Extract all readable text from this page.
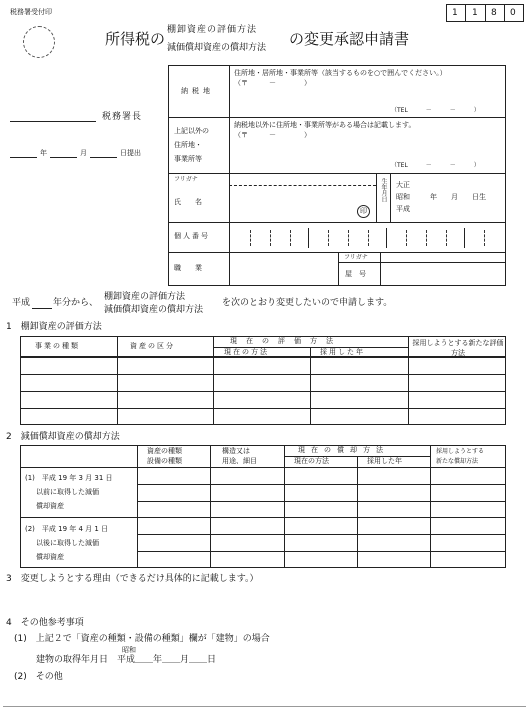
税務署受付印	1 1 8 0
所得税の 棚卸資産の評価方法
減価償却資産の償却方法 の変更承認申請書
税務署長
年	月	日提出
納税地
住所地・居所地・事業所等（該当するものを○で囲んでください。）
（〒　　　－　　　　）
（TEL　　　－　　　－　　　）
上記以外の
住所地・
事業所等
納税地以外に住所地・事業所等がある場合は記載します。
（〒　　　－　　　　）
（TEL　　　－　　　－　　　）
フリガナ
氏　　名
印
生年月日 大正
昭和
平成
年　　月　　日生
個人番号
職　　業
フリガナ
屋　号
平成	年分から、
棚卸資産の評価方法
減価償却資産の償却方法
を次のとおり変更したいので申請します。
1　棚卸資産の評価方法
事業の種類	資産の区分
現在の評価方法
現在の方法	採用した年
採用しようとする新たな評価方法
2　減価償却資産の償却方法
資産の種類
設備の種類
構造又は
用途、細目
現在の償却方法
現在の方法	採用した年
採用しようとする
新たな償却方法
(1)　平成 19 年 3 月 31 日
以前に取得した減価
償却資産
(2)　平成 19 年 4 月 1 日
以後に取得した減価
償却資産
3　変更しようとする理由（できるだけ具体的に記載します。）
4　その他参考事項
(1)　上記２で「資産の種類・設備の種類」欄が「建物」の場合
昭和
建物の取得年月日　平成＿＿年＿＿月＿＿日
(2)　その他
